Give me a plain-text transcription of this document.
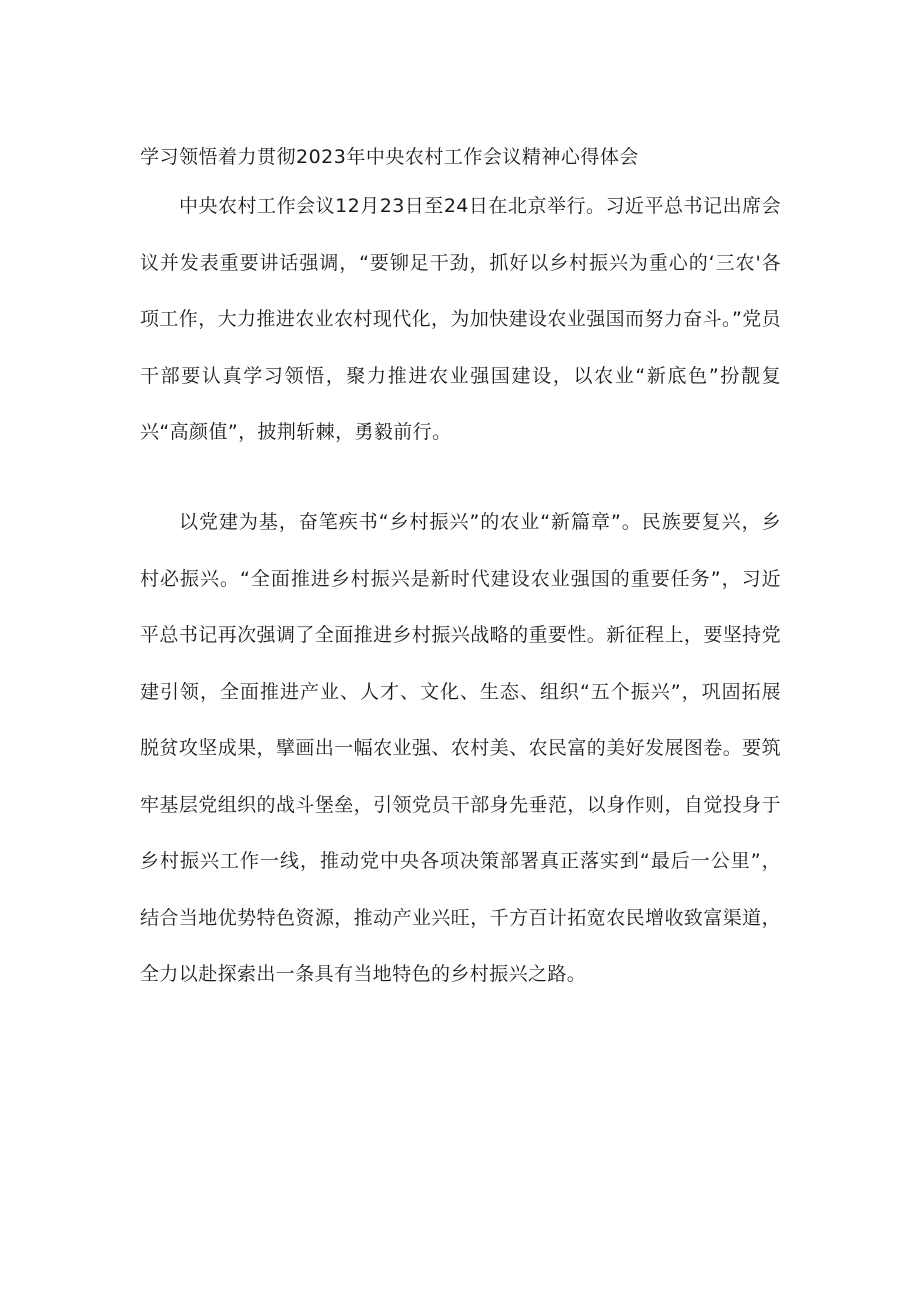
学习领悟着力贯彻2023年中央农村工作会议精神心得体会

中央农村工作会议12月23日至24日在北京举行。习近平总书记出席会议并发表重要讲话强调，“要铆足干劲，抓好以乡村振兴为重心的‘三农'各项工作，大力推进农业农村现代化，为加快建设农业强国而努力奋斗。”党员干部要认真学习领悟，聚力推进农业强国建设，以农业“新底色”扮靓复兴“高颜值”，披荆斩棘，勇毅前行。

以党建为基，奋笔疾书“乡村振兴”的农业“新篇章”。民族要复兴，乡村必振兴。“全面推进乡村振兴是新时代建设农业强国的重要任务”，习近平总书记再次强调了全面推进乡村振兴战略的重要性。新征程上，要坚持党建引领，全面推进产业、人才、文化、生态、组织“五个振兴”，巩固拓展脱贫攻坚成果，擘画出一幅农业强、农村美、农民富的美好发展图卷。要筑牢基层党组织的战斗堡垒，引领党员干部身先垂范，以身作则，自觉投身于乡村振兴工作一线，推动党中央各项决策部署真正落实到“最后一公里”，结合当地优势特色资源，推动产业兴旺，千方百计拓宽农民增收致富渠道，全力以赴探索出一条具有当地特色的乡村振兴之路。
